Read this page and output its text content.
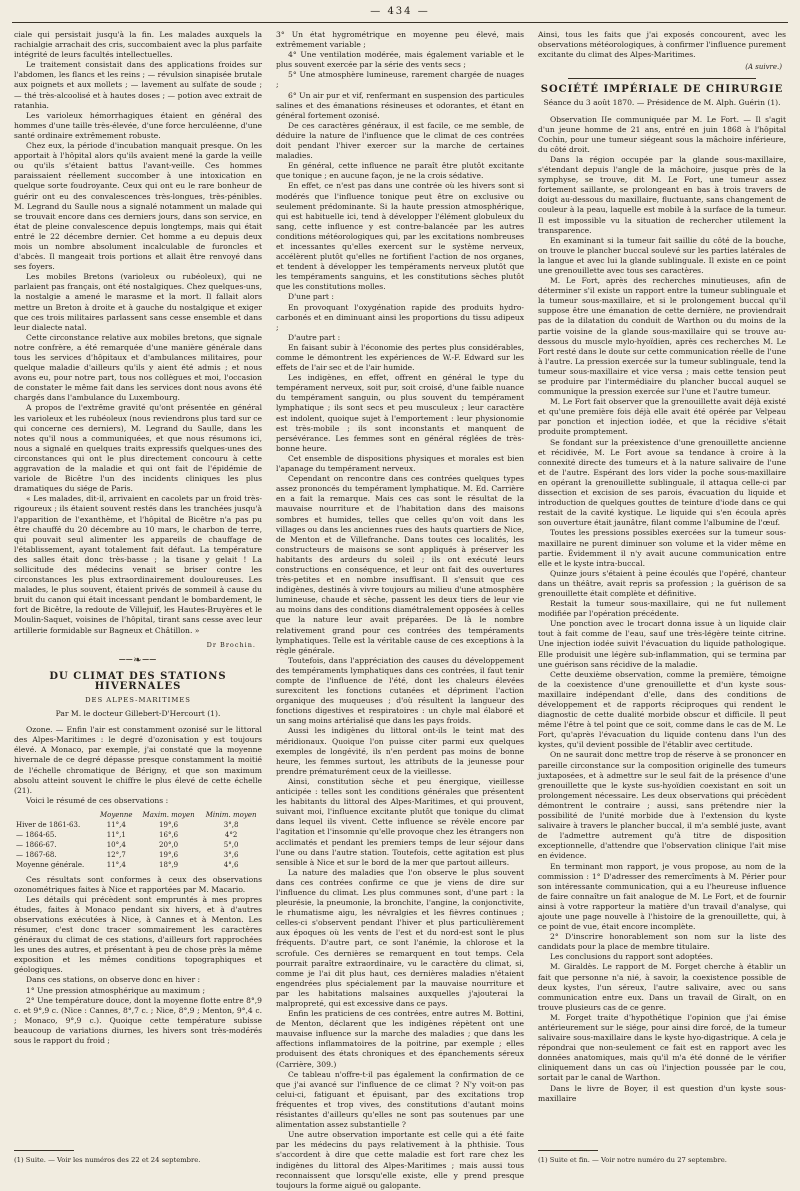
— 434 —

ciale qui persistait jusqu'à la fin. Les malades auxquels la rachialgie arrachait des cris, succombaient avec la plus parfaite intégrité de leurs facultés intellectuelles.

Le traitement consistait dans des applications froides sur l'abdomen, les flancs et les reins ; — révulsion sinapisée brutale aux poignets et aux mollets ; — lavement au sulfate de soude ; — thé très-alcoolisé et à hautes doses ; — potion avec extrait de ratanhia.

Les varioleux hémorrhagiques étaient en général des hommes d'une taille très-élevée, d'une force herculéenne, d'une santé ordinaire extrêmement robuste.

Chez eux, la période d'incubation manquait presque. On les apportait à l'hôpital alors qu'ils avaient mené la garde la veille ou qu'ils s'étaient battus l'avant-veille. Ces hommes paraissaient réellement succomber à une intoxication en quelque sorte foudroyante. Ceux qui ont eu le rare bonheur de guérir ont eu des convalescences très-longues, très-pénibles. M. Legrand du Saulle nous a signalé notamment un malade qui se trouvait encore dans ces derniers jours, dans son service, en état de pleine convalescence depuis longtemps, mais qui était entré le 22 décembre dernier. Cet homme a eu depuis deux mois un nombre absolument incalculable de furoncles et d'abcès. Il mangeait trois portions et allait être renvoyé dans ses foyers.

Les mobiles Bretons (varioleux ou rubéoleux), qui ne parlaient pas français, ont été nostalgiques. Chez quelques-uns, la nostalgie a amené le marasme et la mort. Il fallait alors mettre un Breton à droite et à gauche du nostalgique et exiger que ces trois militaires parlassent sans cesse ensemble et dans leur dialecte natal.

Cette circonstance relative aux mobiles bretons, que signale notre confrère, a été remarquée d'une manière générale dans tous les services d'hôpitaux et d'ambulances militaires, pour quelque maladie d'ailleurs qu'ils y aient été admis ; et nous avons eu, pour notre part, tous nos collègues et moi, l'occasion de constater le même fait dans les services dont nous avons été chargés dans l'ambulance du Luxembourg.

A propos de l'extrême gravité qu'ont présentée en général les varioleux et les rubéoleux (nous reviendrons plus tard sur ce qui concerne ces derniers), M. Legrand du Saulle, dans les notes qu'il nous a communiquées, et que nous résumons ici, nous a signalé en quelques traits expressifs quelques-unes des circonstances qui ont le plus directement concouru à cette aggravation de la maladie et qui ont fait de l'épidémie de variole de Bicêtre l'un des incidents cliniques les plus dramatiques du siége de Paris.

« Les malades, dit-il, arrivaient en cacolets par un froid très-rigoureux ; ils étaient souvent restés dans les tranchées jusqu'à l'apparition de l'exanthème, et l'hôpital de Bicêtre n'a pas pu être chauffé du 20 décembre au 10 mars, le charbon de terre, qui pouvait seul alimenter les appareils de chauffage de l'établissement, ayant totalement fait défaut. La température des salles était donc très-basse ; la tisane y gelait ! La sollicitude des médecins venait se briser contre les circonstances les plus extraordinairement douloureuses. Les malades, le plus souvent, étaient privés de sommeil à cause du bruit du canon qui était incessant pendant le bombardement, le fort de Bicêtre, la redoute de Villejuif, les Hautes-Bruyères et le Moulin-Saquet, voisines de l'hôpital, tirant sans cesse avec leur artillerie formidable sur Bagneux et Châtillon. »

Dr Brochin.
──❧──
DU CLIMAT DES STATIONS HIVERNALES
DES ALPES-MARITIMES
Par M. le docteur Gillebert-D'Hercourt (1).

Ozone. — Enfin l'air est constamment ozonisé sur le littoral des Alpes-Maritimes : le degré d'ozonisation y est toujours élevé. A Monaco, par exemple, j'ai constaté que la moyenne hivernale de ce degré dépasse presque constamment la moitié de l'échelle chromatique de Bérigny, et que son maximum absolu atteint souvent le chiffre le plus élevé de cette échelle (21).

Voici le résumé de ces observations :

	Moyenne	Maxim. moyen	Minim. moyen
Hiver de 1861-63.	11°,4	19°,6	3°,8
— 1864-65.	11°,1	16°,6	4°2
— 1866-67.	10°,4	20°,0	5°,0
— 1867-68.	12°,7	19°,6	3°,6
Moyenne générale.	11°,4	18°,9	4°,6

Ces résultats sont conformes à ceux des observations ozonométriques faites à Nice et rapportées par M. Macario.

Les détails qui précèdent sont empruntés à mes propres études, faites à Monaco pendant six hivers, et à d'autres observations exécutées à Nice, à Cannes et à Menton. Les résumer, c'est donc tracer sommairement les caractères généraux du climat de ces stations, d'ailleurs fort rapprochées les unes des autres, et présentant à peu de chose près la même exposition et les mêmes conditions topographiques et géologiques.

Dans ces stations, on observe donc en hiver :

1° Une pression atmosphérique au maximum ;

2° Une température douce, dont la moyenne flotte entre 8°,9 c. et 9°,9 c. (Nice : Cannes, 8°,7 c. ; Nice, 8°,9 ; Menton, 9°,4 c. ; Monaco, 9°,9 c.). Quoique cette température subisse beaucoup de variations diurnes, les hivers sont très-modérés sous le rapport du froid ;

(1) Suite. — Voir les numéros des 22 et 24 septembre.

3° Un état hygrométrique en moyenne peu élevé, mais extrêmement variable ;

4° Une ventilation modérée, mais également variable et le plus souvent exercée par la série des vents secs ;

5° Une atmosphère lumineuse, rarement chargée de nuages ;

6° Un air pur et vif, renfermant en suspension des particules salines et des émanations résineuses et odorantes, et étant en général fortement ozonisé.

De ces caractères généraux, il est facile, ce me semble, de déduire la nature de l'influence que le climat de ces contrées doit pendant l'hiver exercer sur la marche de certaines maladies.

En général, cette influence ne paraît être plutôt excitante que tonique ; en aucune façon, je ne la crois sédative.

En effet, ce n'est pas dans une contrée où les hivers sont si modérés que l'influence tonique peut être on exclusive ou seulement prédominante. Si la haute pression atmosphérique, qui est habituelle ici, tend à développer l'élément globuleux du sang, cette influence y est contre-balancée par les autres conditions météorologiques qui, par les excitations nombreuses et incessantes qu'elles exercent sur le système nerveux, accélèrent plutôt qu'elles ne fortifient l'action de nos organes, et tendent à développer les tempéraments nerveux plutôt que les tempéraments sanguins, et les constitutions sèches plutôt que les constitutions molles.

D'une part :

En provoquant l'oxygénation rapide des produits hydro-carbonés et en diminuant ainsi les proportions du tissu adipeux ;

D'autre part :

En faisant subir à l'économie des pertes plus considérables, comme le démontrent les expériences de W.-F. Edward sur les effets de l'air sec et de l'air humide.

Les indigènes, en effet, offrent en général le type du tempérament nerveux, soit pur, soit croisé, d'une faible nuance du tempérament sanguin, ou plus souvent du tempérament lymphatique ; ils sont secs et peu musculeux ; leur caractère est indolent, quoique sujet à l'emportement : leur physionomie est très-mobile ; ils sont inconstants et manquent de persévérance. Les femmes sont en général réglées de très-bonne heure.

Cet ensemble de dispositions physiques et morales est bien l'apanage du tempérament nerveux.

Cependant on rencontre dans ces contrées quelques types assez prononcés du tempérament lymphatique. M. Ed. Carrière en a fait la remarque. Mais ces cas sont le résultat de la mauvaise nourriture et de l'habitation dans des maisons sombres et humides, telles que celles qu'on voit dans les villages ou dans les anciennes rues des hauts quartiers de Nice, de Menton et de Villefranche. Dans toutes ces localités, les constructeurs de maisons se sont appliqués à préserver les habitants des ardeurs du soleil ; ils ont exécuté leurs constructions en conséquence, et leur ont fait des ouvertures très-petites et en nombre insuffisant. Il s'ensuit que ces indigènes, destinés à vivre toujours au milieu d'une atmosphère lumineuse, chaude et sèche, passent les deux tiers de leur vie au moins dans des conditions diamétralement opposées à celles que la nature leur avait préparées. De là le nombre relativement grand pour ces contrées des tempéraments lymphatiques. Telle est la véritable cause de ces exceptions à la règle générale.

Toutefois, dans l'appréciation des causes du développement des tempéraments lymphatiques dans ces contrées, il faut tenir compte de l'influence de l'été, dont les chaleurs élevées surexcitent les fonctions cutanées et dépriment l'action organique des muqueuses ; d'où résultent la langueur des fonctions digestives et respiratoires : un chyle mal élaboré et un sang moins artérialisé que dans les pays froids.

Aussi les indigènes du littoral ont-ils le teint mat des méridionaux. Quoique l'on puisse citer parmi eux quelques exemples de longévité, ils n'en perdent pas moins de bonne heure, les femmes surtout, les attributs de la jeunesse pour prendre prématurément ceux de la vieillesse.

Ainsi, constitution sèche et peu énergique, vieillesse anticipée : telles sont les conditions générales que présentent les habitants du littoral des Alpes-Maritimes, et qui prouvent, suivant moi, l'influence excitante plutôt que tonique du climat dans lequel ils vivent. Cette influence se révèle encore par l'agitation et l'insomnie qu'elle provoque chez les étrangers non acclimatés et pendant les premiers temps de leur séjour dans l'une ou dans l'autre station. Toutefois, cette agitation est plus sensible à Nice et sur le bord de la mer que partout ailleurs.

La nature des maladies que l'on observe le plus souvent dans ces contrées confirme ce que je viens de dire sur l'influence du climat. Les plus communes sont, d'une part : la pleurésie, la pneumonie, la bronchite, l'angine, la conjonctivite, le rhumatisme aigu, les névralgies et les fièvres continues ; celles-ci s'observent pendant l'hiver et plus particulièrement aux époques où les vents de l'est et du nord-est sont le plus fréquents. D'autre part, ce sont l'anémie, la chlorose et la scrofule. Ces dernières se remarquent en tout temps. Cela pourrait paraître extraordinaire, vu le caractère du climat, si, comme je l'ai dit plus haut, ces dernières maladies n'étaient engendrées plus spécialement par la mauvaise nourriture et par les habitations malsaines auxquelles j'ajouterai la malpropreté, qui est excessive dans ce pays.

Enfin les praticiens de ces contrées, entre autres M. Bottini, de Menton, déclarent que les indigènes répètent ont une mauvaise influence sur la marche des maladies ; que dans les affections inflammatoires de la poitrine, par exemple ; elles produisent des états chroniques et des épanchements séreux (Carrière, 309.)

Ce tableau n'offre-t-il pas également la confirmation de ce que j'ai avancé sur l'influence de ce climat ? N'y voit-on pas celui-ci, fatiguant et épuisant, par des excitations trop fréquentes et trop vives, des constitutions d'autant moins résistantes d'ailleurs qu'elles ne sont pas soutenues par une alimentation assez substantielle ?

Une autre observation importante est celle qui a été faite par les médecins du pays relativement à la phthisie. Tous s'accordent à dire que cette maladie est fort rare chez les indigènes du littoral des Alpes-Maritimes ; mais aussi tous reconnaissent que lorsqu'elle existe, elle y prend presque toujours la forme aiguë ou galopante.

Ainsi, tous les faits que j'ai exposés concourent, avec les observations météorologiques, à confirmer l'influence purement excitante du climat des Alpes-Maritimes.

(A suivre.)
SOCIÉTÉ IMPÉRIALE DE CHIRURGIE
Séance du 3 août 1870. — Présidence de M. Alph. Guérin (1).

Observation IIe communiquée par M. Le Fort. — Il s'agit d'un jeune homme de 21 ans, entré en juin 1868 à l'hôpital Cochin, pour une tumeur siégeant sous la mâchoire inférieure, du côté droit.

Dans la région occupée par la glande sous-maxillaire, s'étendant depuis l'angle de la mâchoire, jusque près de la symphyse, se trouve, dit M. Le Fort, une tumeur assez fortement saillante, se prolongeant en bas à trois travers de doigt au-dessous du maxillaire, fluctuante, sans changement de couleur à la peau, laquelle est mobile à la surface de la tumeur. Il est impossible vu la situation de rechercher utilement la transparence.

En examinant si la tumeur fait saillie du côté de la bouche, on trouve le plancher buccal soulevé sur les parties latérales de la langue et avec lui la glande sublinguale. Il existe en ce point une grenouillette avec tous ses caractères.

M. Le Fort, après des recherches minutieuses, afin de déterminer s'il existe un rapport entre la tumeur sublinguale et la tumeur sous-maxillaire, et si le prolongement buccal qu'il suppose être une émanation de cette dernière, ne proviendrait pas de la dilatation du conduit de Warthon ou du moins de la partie voisine de la glande sous-maxillaire qui se trouve au-dessous du muscle mylo-hyoïdien, après ces recherches M. Le Fort resté dans le doute sur cette communication réelle de l'une à l'autre. La pression exercée sur la tumeur sublinguale, tend la tumeur sous-maxillaire et vice versa ; mais cette tension peut se produire par l'intermédiaire du plancher buccal auquel se communique la pression exercée sur l'une et l'autre tumeur.

M. Le Fort fait observer que la grenouillette avait déjà existé et qu'une première fois déjà elle avait été opérée par Velpeau par ponction et injection iodée, et que la récidive s'était produite promptement.

Se fondant sur la préexistence d'une grenouillette ancienne et récidivée, M. Le Fort avoue sa tendance à croire à la connexité directe des tumeurs et à la nature salivaire de l'une et de l'autre. Espérant des lors vider la poche sous-maxillaire en opérant la grenouillette sublinguale, il attaqua celle-ci par dissection et excision de ses parois, évacuation du liquide et introduction de quelques gouttes de teinture d'iode dans ce qui restait de la cavité kystique. Le liquide qui s'en écoula après son ouverture était jaunâtre, filant comme l'albumine de l'œuf.

Toutes les pressions possibles exercées sur la tumeur sous-maxillaire ne purent diminuer son volume et la vider même en partie. Évidemment il n'y avait aucune communication entre elle et le kyste intra-buccal.

Quinze jours s'étaient à peine écoulés que l'opéré, chanteur dans un théâtre, avait repris sa profession ; la guérison de sa grenouillette était complète et définitive.

Restait la tumeur sous-maxillaire, qui ne fut nullement modifiée par l'opération précédente.

Une ponction avec le trocart donna issue à un liquide clair tout à fait comme de l'eau, sauf une très-légère teinte citrine. Une injection iodée suivit l'évacuation du liquide pathologique. Elle produisit une légère sub-inflammation, qui se termina par une guérison sans récidive de la maladie.

Cette deuxième observation, comme la première, témoigne de la coexistence d'une grenouillette et d'un kyste sous-maxillaire indépendant d'elle, dans des conditions de développement et de rapports réciproques qui rendent le diagnostic de cette dualité morbide obscur et difficile. Il peut même l'être à tel point que ce soit, comme dans le cas de M. Le Fort, qu'après l'évacuation du liquide contenu dans l'un des kystes, qu'il devient possible de l'établir avec certitude.

On ne saurait donc mettre trop de réserve à se prononcer en pareille circonstance sur la composition originelle des tumeurs juxtaposées, et à admettre sur le seul fait de la présence d'une grenouillette que le kyste sus-hyoïdien coexistant en soit un prolongement nécessaire. Les deux observations qui précèdent démontrent le contraire ; aussi, sans prétendre nier la possibilité de l'unité morbide due à l'extension du kyste salivaire à travers le plancher buccal, il m'a semblé juste, avant de l'admettre autrement qu'à titre de disposition exceptionnelle, d'attendre que l'observation clinique l'ait mise en évidence.

En terminant mon rapport, je vous propose, au nom de la commission : 1° D'adresser des remercîments à M. Périer pour son intéressante communication, qui a eu l'heureuse influence de faire connaître un fait analogue de M. Le Fort, et de fournir ainsi à votre rapporteur la matière d'un travail d'analyse, qui ajoute une page nouvelle à l'histoire de la grenouillette, qui, à ce point de vue, était encore incomplète.

2° D'inscrire honorablement son nom sur la liste des candidats pour la place de membre titulaire.

Les conclusions du rapport sont adoptées.

M. Giraldès. Le rapport de M. Forget cherche à établir un fait que personne n'a nié, à savoir, la coexistence possible de deux kystes, l'un séreux, l'autre salivaire, avec ou sans communication entre eux. Dans un travail de Giralt, on en trouve plusieurs cas de ce genre.

M. Forget traite d'hypothétique l'opinion que j'ai émise antérieurement sur le siége, pour ainsi dire forcé, de la tumeur salivaire sous-maxillaire dans le kyste hyo-digastrique. A cela je répondrai que non-seulement ce fait est en rapport avec les données anatomiques, mais qu'il m'a été donné de le vérifier cliniquement dans un cas où l'injection poussée par le cou, sortait par le canal de Warthon.

Dans le livre de Boyer, il est question d'un kyste sous-maxillaire

(1) Suite et fin. — Voir notre numéro du 27 septembre.
